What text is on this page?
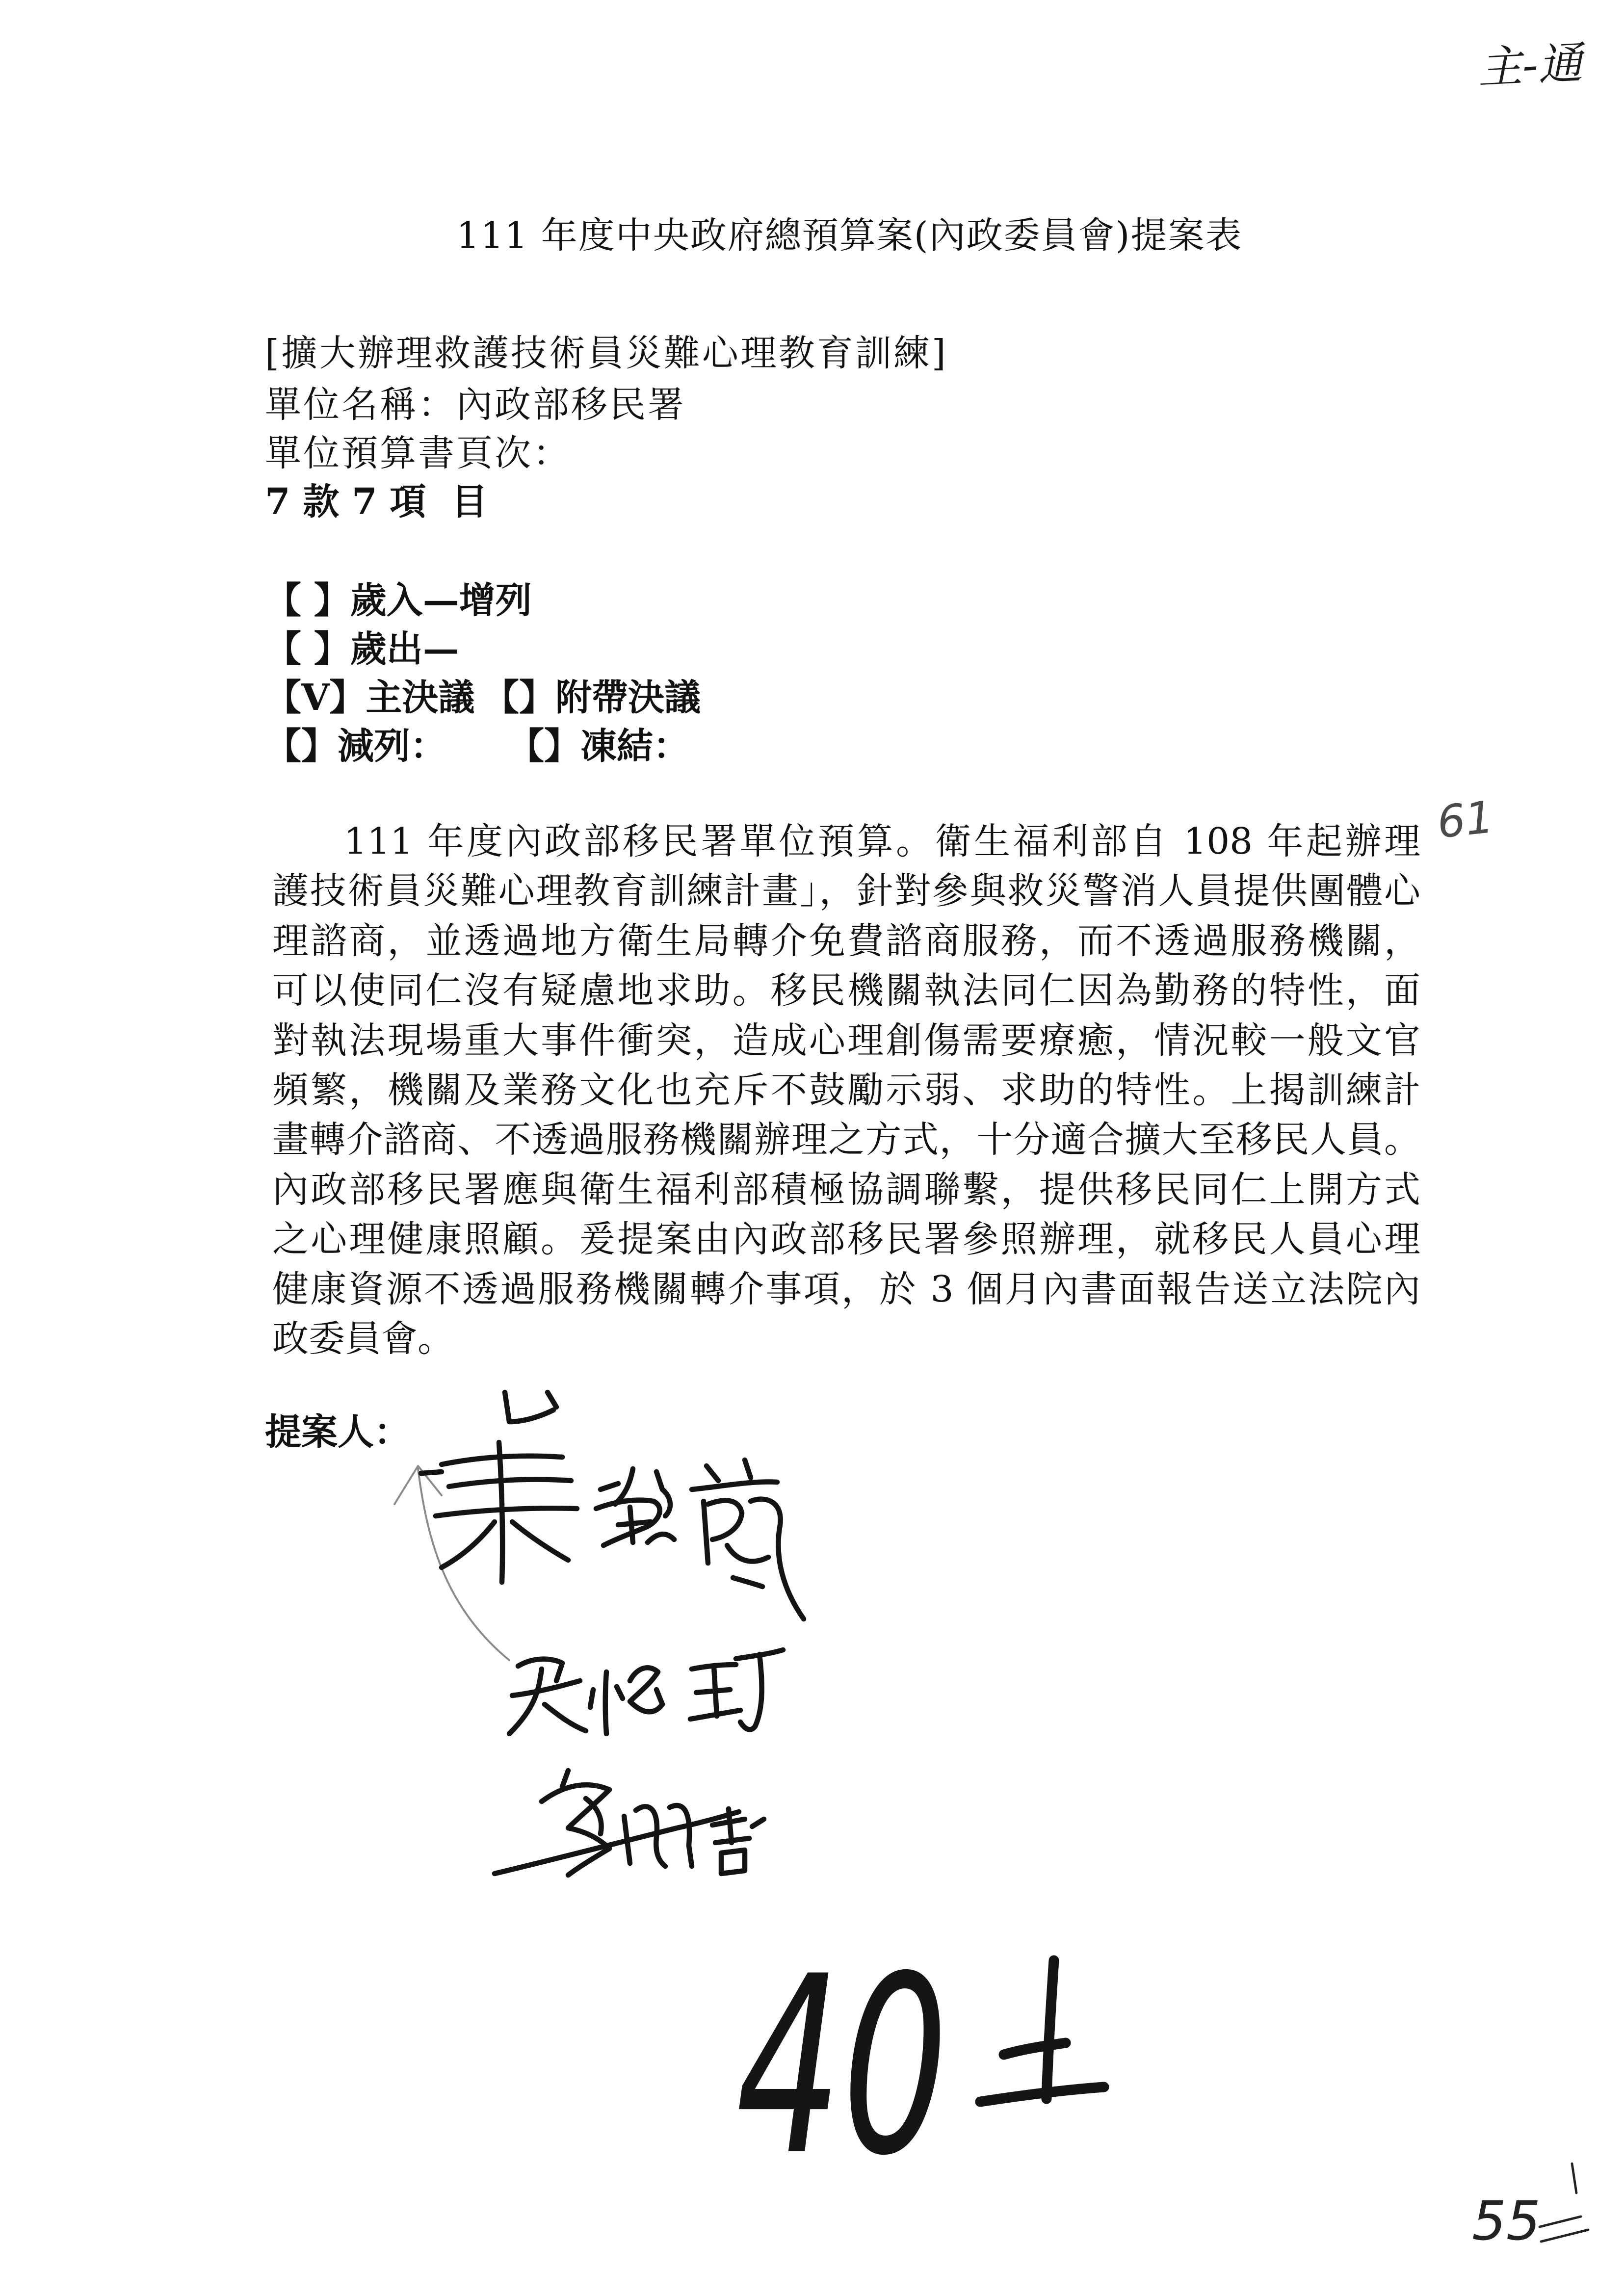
主-通
111 年度中央政府總預算案(內政委員會)提案表
[擴大辦理救護技術員災難心理教育訓練]
單位名稱：內政部移民署
單位預算書頁次：
7 款 7 項  目
【 】歲入—增列
【 】歲出—
【V】主決議 【】附帶決議
【】減列： 【】凍結：
61
111 年度內政部移民署單位預算。衛生福利部自 108 年起辦理
護技術員災難心理教育訓練計畫」，針對參與救災警消人員提供團體心
理諮商，並透過地方衛生局轉介免費諮商服務，而不透過服務機關，
可以使同仁沒有疑慮地求助。移民機關執法同仁因為勤務的特性，面
對執法現場重大事件衝突，造成心理創傷需要療癒，情況較一般文官
頻繁，機關及業務文化也充斥不鼓勵示弱、求助的特性。上揭訓練計
畫轉介諮商、不透過服務機關辦理之方式，十分適合擴大至移民人員。
內政部移民署應與衛生福利部積極協調聯繫，提供移民同仁上開方式
之心理健康照顧。爰提案由內政部移民署參照辦理，就移民人員心理
健康資源不透過服務機關轉介事項，於 3 個月內書面報告送立法院內
政委員會。
提案人：
40
55
